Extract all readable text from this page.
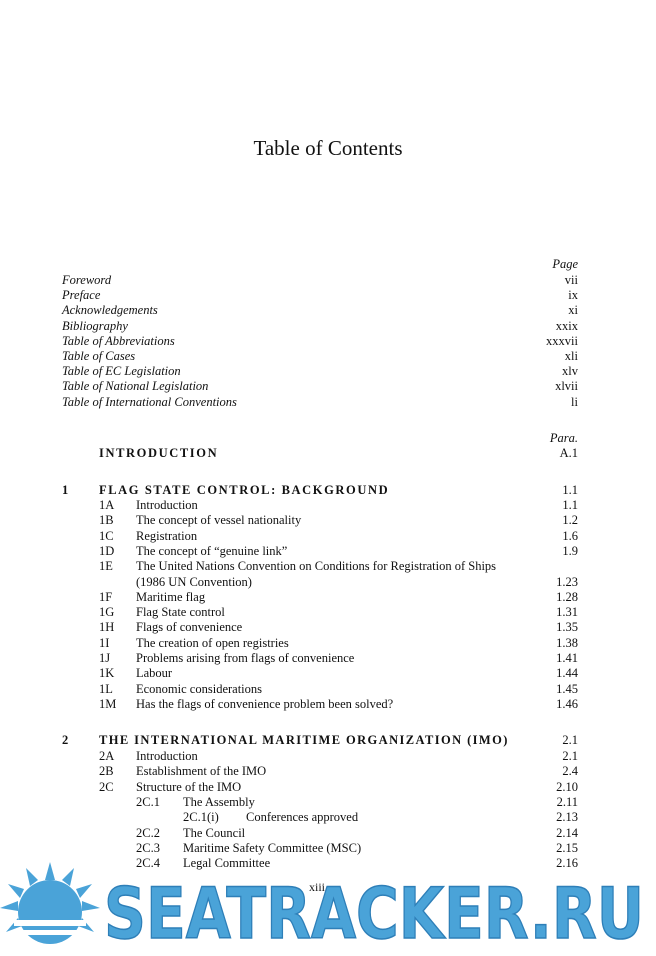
Table of Contents
Page
Foreword	vii
Preface	ix
Acknowledgements	xi
Bibliography	xxix
Table of Abbreviations	xxxvii
Table of Cases	xli
Table of EC Legislation	xlv
Table of National Legislation	xlvii
Table of International Conventions	li
Para.
INTRODUCTION	A.1
1 FLAG STATE CONTROL: BACKGROUND	1.1
1A Introduction	1.1
1B The concept of vessel nationality	1.2
1C Registration	1.6
1D The concept of “genuine link”	1.9
1E The United Nations Convention on Conditions for Registration of Ships
(1986 UN Convention)	1.23
1F Maritime flag	1.28
1G Flag State control	1.31
1H Flags of convenience	1.35
1I The creation of open registries	1.38
1J Problems arising from flags of convenience	1.41
1K Labour	1.44
1L Economic considerations	1.45
1M Has the flags of convenience problem been solved?	1.46
2 THE INTERNATIONAL MARITIME ORGANIZATION (IMO)	2.1
2A Introduction	2.1
2B Establishment of the IMO	2.4
2C Structure of the IMO	2.10
2C.1 The Assembly	2.11
2C.1(i) Conferences approved	2.13
2C.2 The Council	2.14
2C.3 Maritime Safety Committee (MSC)	2.15
2C.4 Legal Committee	2.16
xiii
SEATRACKER.RU
